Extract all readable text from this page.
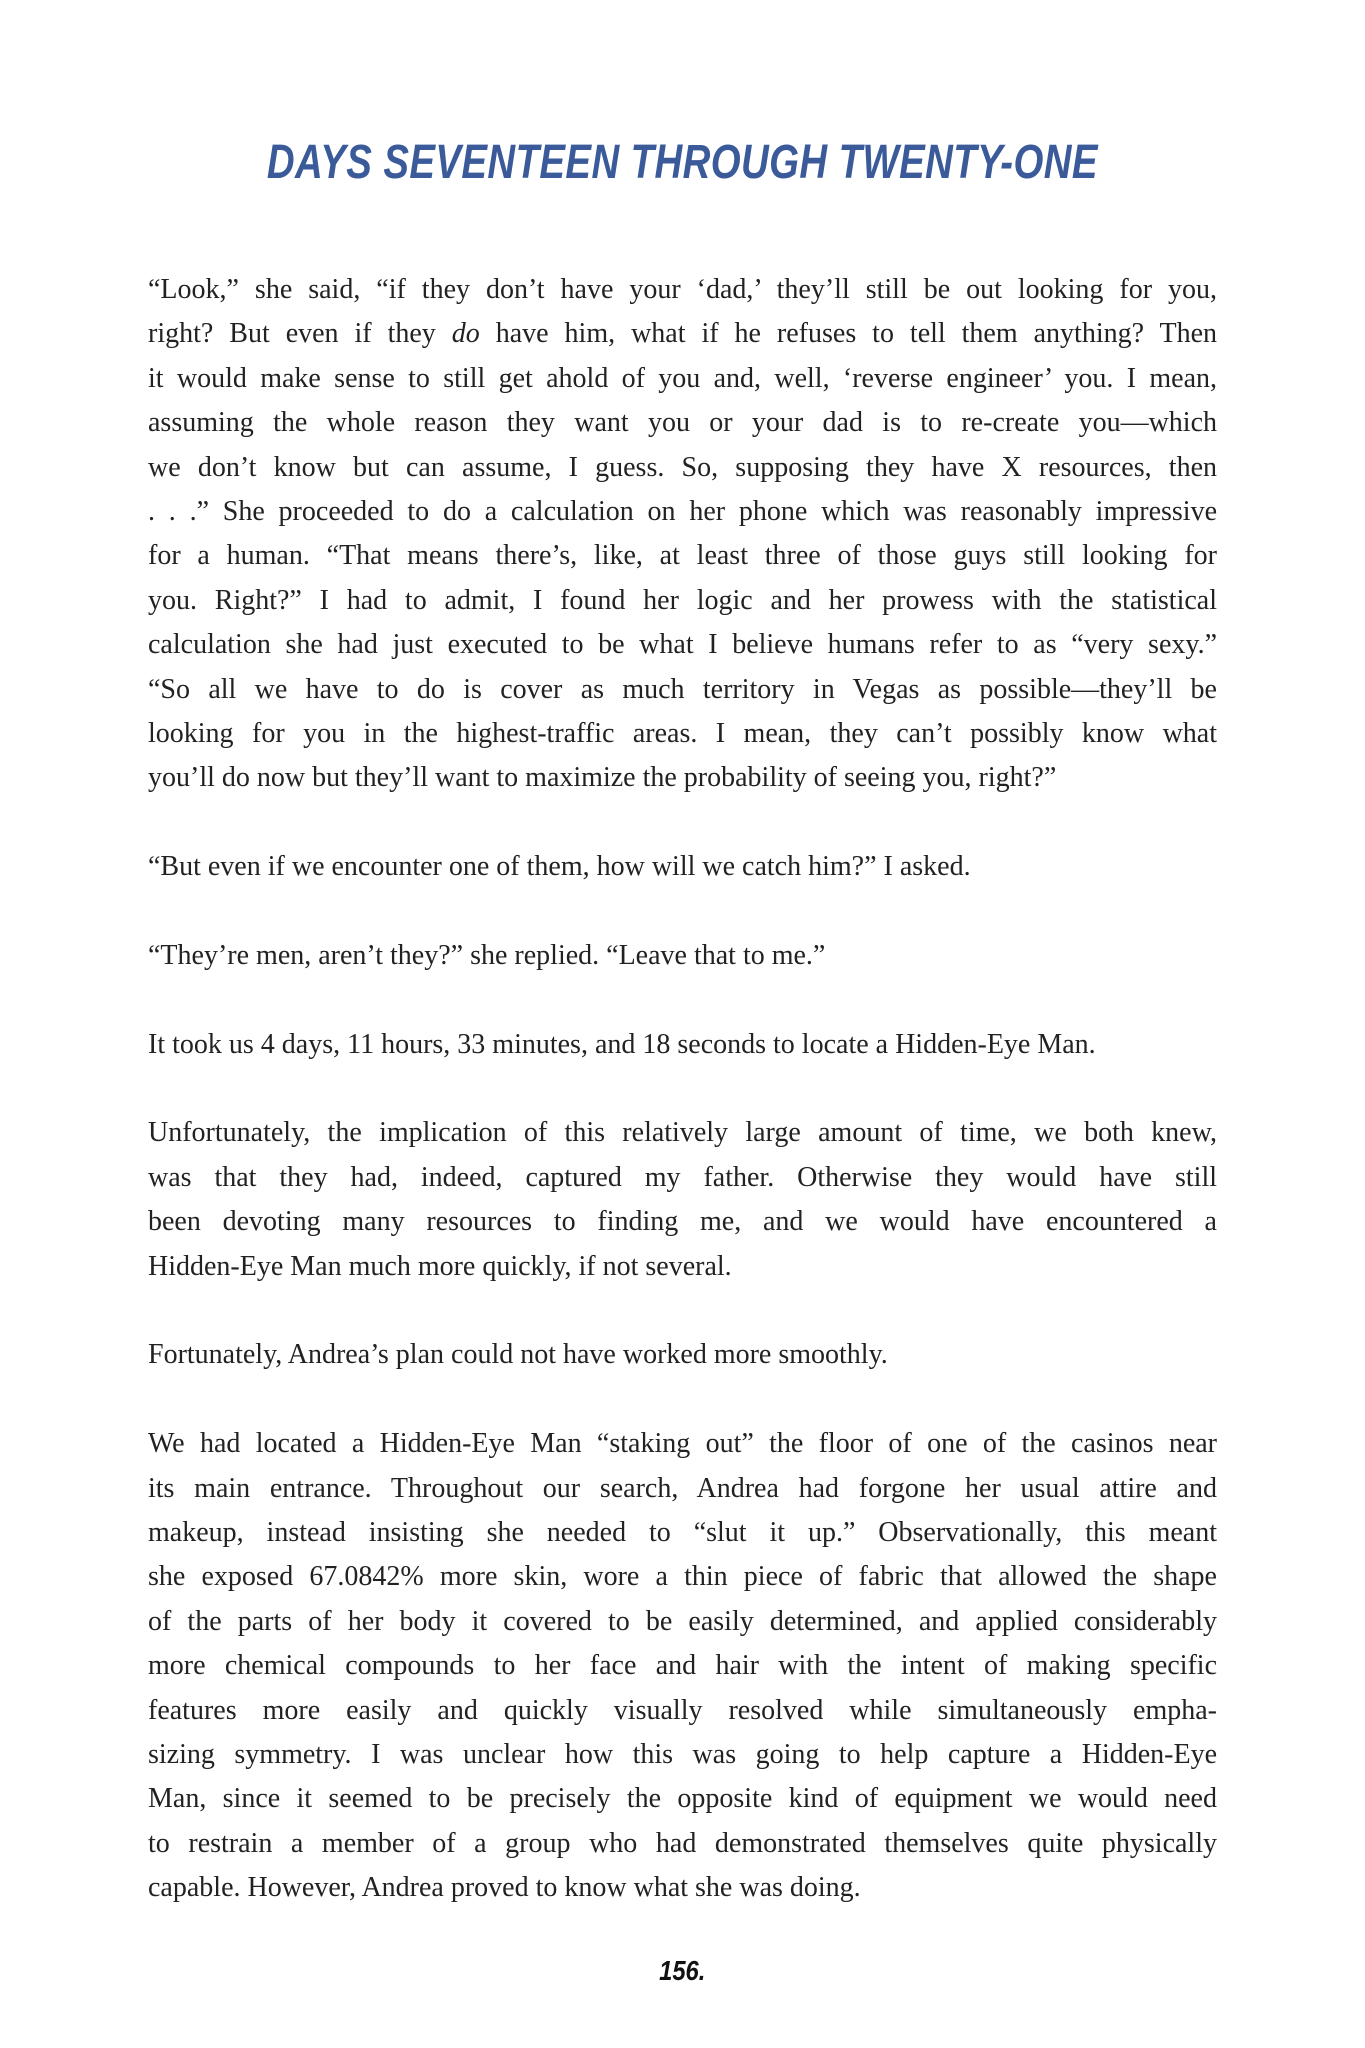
DAYS SEVENTEEN THROUGH TWENTY-ONE
“Look,” she said, “if they don’t have your ‘dad,’ they’ll still be out looking for you,
right? But even if they do have him, what if he refuses to tell them anything? Then
it would make sense to still get ahold of you and, well, ‘reverse engineer’ you. I mean,
assuming the whole reason they want you or your dad is to re-create you—which
we don’t know but can assume, I guess. So, supposing they have X resources, then
. . .” She proceeded to do a calculation on her phone which was reasonably impressive
for a human. “That means there’s, like, at least three of those guys still looking for
you. Right?” I had to admit, I found her logic and her prowess with the statistical
calculation she had just executed to be what I believe humans refer to as “very sexy.”
“So all we have to do is cover as much territory in Vegas as possible—they’ll be
looking for you in the highest-traffic areas. I mean, they can’t possibly know what
you’ll do now but they’ll want to maximize the probability of seeing you, right?”
“But even if we encounter one of them, how will we catch him?” I asked.
“They’re men, aren’t they?” she replied. “Leave that to me.”
It took us 4 days, 11 hours, 33 minutes, and 18 seconds to locate a Hidden-Eye Man.
Unfortunately, the implication of this relatively large amount of time, we both knew,
was that they had, indeed, captured my father. Otherwise they would have still
been devoting many resources to finding me, and we would have encountered a
Hidden-Eye Man much more quickly, if not several.
Fortunately, Andrea’s plan could not have worked more smoothly.
We had located a Hidden-Eye Man “staking out” the floor of one of the casinos near
its main entrance. Throughout our search, Andrea had forgone her usual attire and
makeup, instead insisting she needed to “slut it up.” Observationally, this meant
she exposed 67.0842% more skin, wore a thin piece of fabric that allowed the shape
of the parts of her body it covered to be easily determined, and applied considerably
more chemical compounds to her face and hair with the intent of making specific
features more easily and quickly visually resolved while simultaneously empha-
sizing symmetry. I was unclear how this was going to help capture a Hidden-Eye
Man, since it seemed to be precisely the opposite kind of equipment we would need
to restrain a member of a group who had demonstrated themselves quite physically
capable. However, Andrea proved to know what she was doing.
156.
